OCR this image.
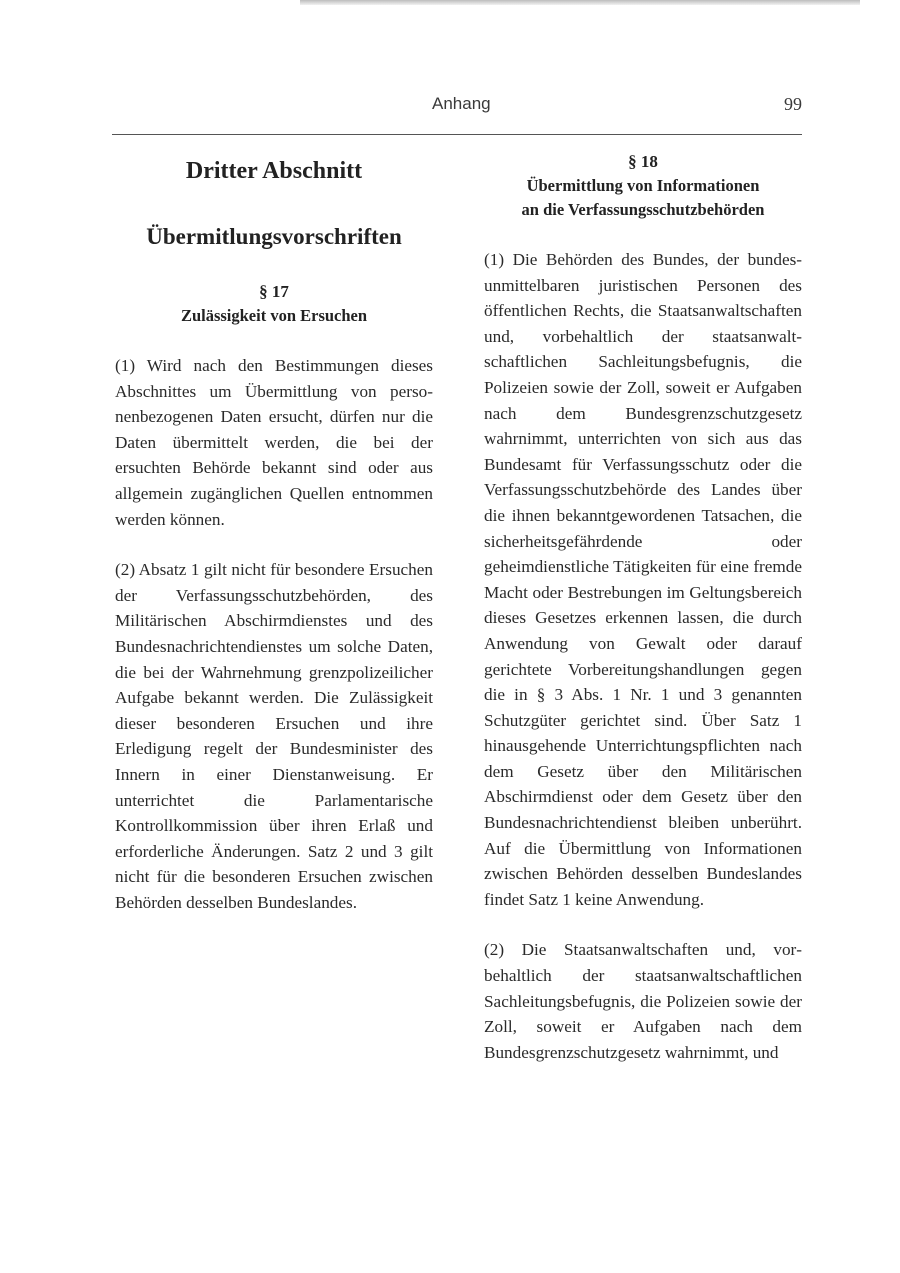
Anhang	99
Dritter Abschnitt
Übermitlungsvorschriften
§ 17
Zulässigkeit von Ersuchen

(1) Wird nach den Bestimmungen dieses Abschnittes um Übermittlung von personenbezogenen Daten ersucht, dürfen nur die Daten übermittelt werden, die bei der ersuchten Behörde bekannt sind oder aus allgemein zugänglichen Quellen entnommen werden können.

(2) Absatz 1 gilt nicht für besondere Ersuchen der Verfassungsschutzbehörden, des Militärischen Abschirmdienstes und des Bundesnachrichtendienstes um solche Daten, die bei der Wahrnehmung grenzpolizeilicher Aufgabe bekannt werden. Die Zulässigkeit dieser besonderen Ersuchen und ihre Erledigung regelt der Bundesminister des Innern in einer Dienstanweisung. Er unterrichtet die Parlamentarische Kontrollkommission über ihren Erlaß und erforderliche Änderungen. Satz 2 und 3 gilt nicht für die besonderen Ersuchen zwischen Behörden desselben Bundeslandes.

§ 18
Übermittlung von Informationen
an die Verfassungsschutzbehörden

(1) Die Behörden des Bundes, der bundesunmittelbaren juristischen Personen des öffentlichen Rechts, die Staatsanwaltschaften und, vorbehaltlich der staatsanwaltschaftlichen Sachleitungsbefugnis, die Polizeien sowie der Zoll, soweit er Aufgaben nach dem Bundesgrenzschutzgesetz wahrnimmt, unterrichten von sich aus das Bundesamt für Verfassungsschutz oder die Verfassungsschutzbehörde des Landes über die ihnen bekanntgewordenen Tatsachen, die sicherheitsgefährdende oder geheimdienstliche Tätigkeiten für eine fremde Macht oder Bestrebungen im Geltungsbereich dieses Gesetzes erkennen lassen, die durch Anwendung von Gewalt oder darauf gerichtete Vorbereitungshandlungen gegen die in § 3 Abs. 1 Nr. 1 und 3 genannten Schutzgüter gerichtet sind. Über Satz 1 hinausgehende Unterrichtungspflichten nach dem Gesetz über den Militärischen Abschirmdienst oder dem Gesetz über den Bundesnachrichtendienst bleiben unberührt. Auf die Übermittlung von Informationen zwischen Behörden desselben Bundeslandes findet Satz 1 keine Anwendung.

(2) Die Staatsanwaltschaften und, vorbehaltlich der staatsanwaltschaftlichen Sachleitungsbefugnis, die Polizeien sowie der Zoll, soweit er Aufgaben nach dem Bundesgrenzschutzgesetz wahrnimmt, und
